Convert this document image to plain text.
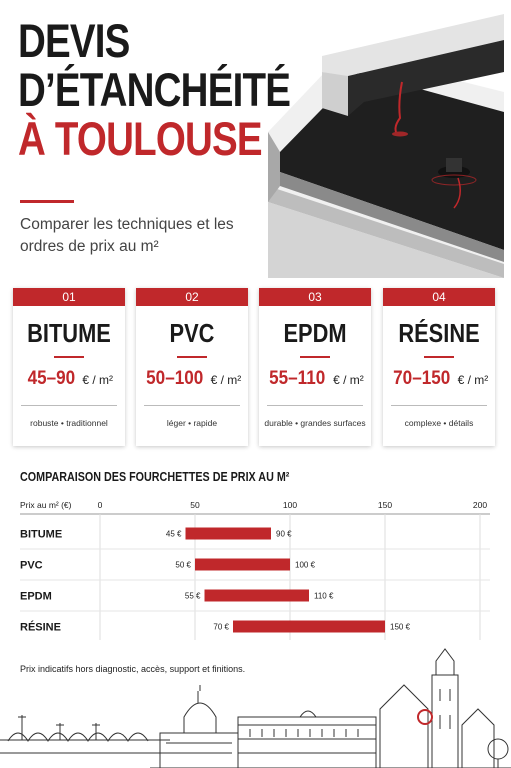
DEVIS
D’ÉTANCHÉITÉ
À TOULOUSE
Comparer les techniques et les ordres de prix au m²
01
BITUME
45–90 € / m²
robuste • traditionnel
02
PVC
50–100 € / m²
léger • rapide
03
EPDM
55–110 € / m²
durable • grandes surfaces
04
RÉSINE
70–150 € / m²
complexe • détails
COMPARAISON DES FOURCHETTES DE PRIX AU M²
Prix au m² (€)	0	50	100	150	200
BITUME	45 €	90 €
PVC	50 €	100 €
EPDM	55 €	110 €
RÉSINE	70 €	150 €
Prix indicatifs hors diagnostic, accès, support et finitions.
